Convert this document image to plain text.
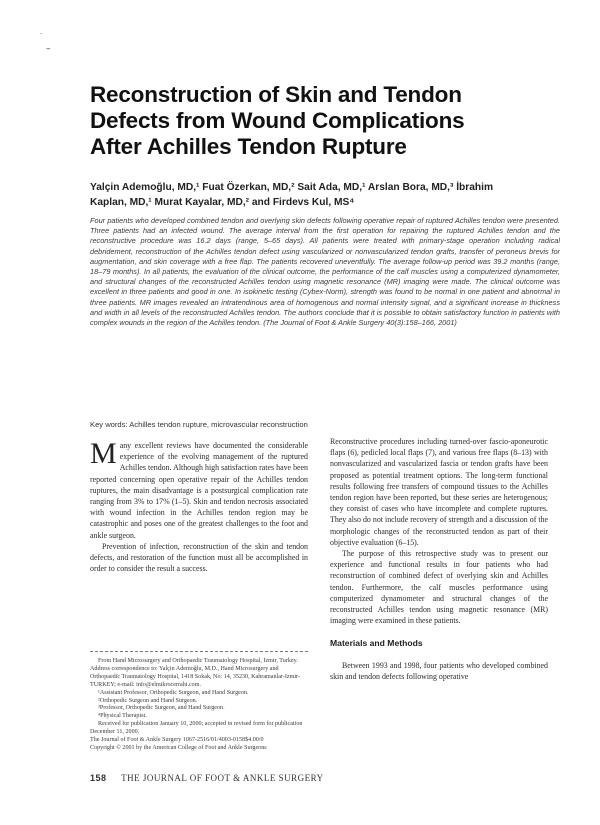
·
–
Reconstruction of Skin and Tendon
Defects from Wound Complications
After Achilles Tendon Rupture
Yalçin Ademoğlu, MD,¹ Fuat Özerkan, MD,² Sait Ada, MD,¹ Arslan Bora, MD,³ İbrahim
Kaplan, MD,¹ Murat Kayalar, MD,² and Firdevs Kul, MS⁴
Four patients who developed combined tendon and overlying skin defects following operative repair of ruptured Achilles tendon were presented. Three patients had an infected wound. The average interval from the first operation for repairing the ruptured Achilles tendon and the reconstructive procedure was 16.2 days (range, 5–65 days). All patients were treated with primary-stage operation including radical debridement, reconstruction of the Achilles tendon defect using vascularized or nonvascularized tendon grafts, transfer of peroneus brevis for augmentation, and skin coverage with a free flap. The patients recovered uneventfully. The average follow-up period was 39.2 months (range, 18–79 months). In all patients, the evaluation of the clinical outcome, the performance of the calf muscles using a computerized dynamometer, and structural changes of the reconstructed Achilles tendon using magnetic resonance (MR) imaging were made. The clinical outcome was excellent in three patients and good in one. In isokinetic testing (Cybex-Norm), strength was found to be normal in one patient and abnormal in three patients. MR images revealed an intratendinous area of homogenous and normal intensity signal, and a significant increase in thickness and width in all levels of the reconstructed Achilles tendon. The authors conclude that it is possible to obtain satisfactory function in patients with complex wounds in the region of the Achilles tendon. (The Journal of Foot & Ankle Surgery 40(3):158–166, 2001)
Key words: Achilles tendon rupture, microvascular reconstruction

Many excellent reviews have documented the considerable experience of the evolving management of the ruptured Achilles tendon. Although high satisfaction rates have been reported concerning open operative repair of the Achilles tendon ruptures, the main disadvantage is a postsurgical complication rate ranging from 3% to 17% (1–5). Skin and tendon necrosis associated with wound infection in the Achilles tendon region may be catastrophic and poses one of the greatest challenges to the foot and ankle surgeon.

Prevention of infection, reconstruction of the skin and tendon defects, and restoration of the function must all be accomplished in order to consider the result a success.

From Hand Microsurgery and Orthopaedic Traumatology Hospital, Izmir, Turkey. Address correspondence to: Yalçin Ademoğlu, M.D., Hand Microsurgery and Orthopaedic Traumatology Hospital, 1418 Sokak, No: 14, 35230, Kahramanlar-Izmir-TURKEY; e-mail: info@elmikrocerrahi.com.

¹Assistant Professor, Orthopedic Surgeon, and Hand Surgeon.

²Orthopedic Surgeon and Hand Surgeon.

³Professor, Orthopedic Surgeon, and Hand Surgeon.

⁴Physical Therapist.

Received for publication January 10, 2000; accepted in revised form for publication December 11, 2000.

The Journal of Foot & Ankle Surgery 1067-2516/01/4003-0158$4.00/0

Copyright © 2001 by the American College of Foot and Ankle Surgeons

Reconstructive procedures including turned-over fascio-aponeurotic flaps (6), pedicled local flaps (7), and various free flaps (8–13) with nonvascularized and vascularized fascia or tendon grafts have been proposed as potential treatment options. The long-term functional results following free transfers of compound tissues to the Achilles tendon region have been reported, but these series are heterogenous; they consist of cases who have incomplete and complete ruptures. They also do not include recovery of strength and a discussion of the morphologic changes of the reconstructed tendon as part of their objective evaluation (6–15).

The purpose of this retrospective study was to present our experience and functional results in four patients who had reconstruction of combined defect of overlying skin and Achilles tendon. Furthermore, the calf muscles performance using computerized dynamometer and structural changes of the reconstructed Achilles tendon using magnetic resonance (MR) imaging were examined in these patients.

Materials and Methods

Between 1993 and 1998, four patients who developed combined skin and tendon defects following operative

158 THE JOURNAL OF FOOT & ANKLE SURGERY
